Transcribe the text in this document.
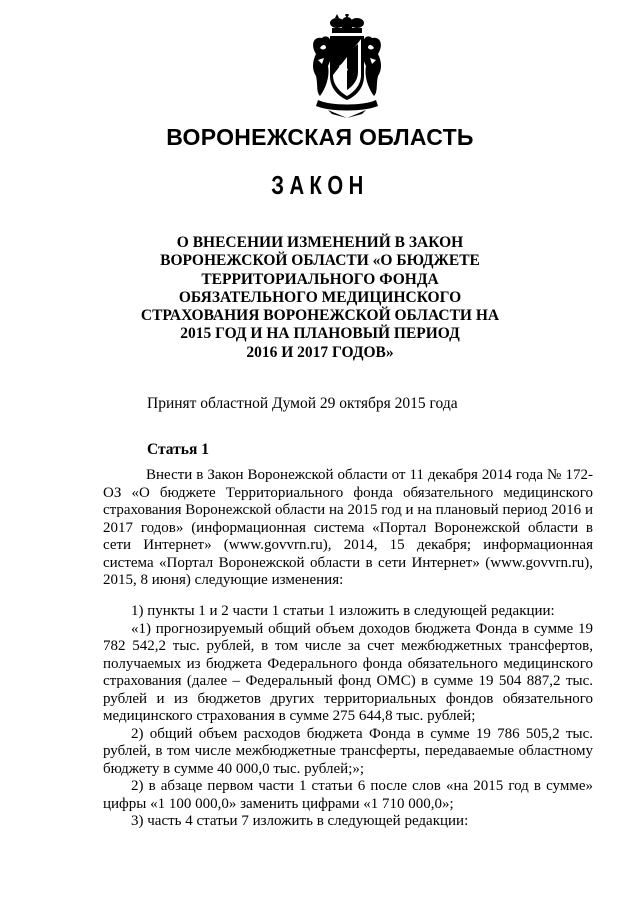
ВОРОНЕЖСКАЯ ОБЛАСТЬ
ЗАКОН
О ВНЕСЕНИИ ИЗМЕНЕНИЙ В ЗАКОН
ВОРОНЕЖСКОЙ ОБЛАСТИ «О БЮДЖЕТЕ
ТЕРРИТОРИАЛЬНОГО ФОНДА
ОБЯЗАТЕЛЬНОГО МЕДИЦИНСКОГО
СТРАХОВАНИЯ ВОРОНЕЖСКОЙ ОБЛАСТИ НА
2015 ГОД И НА ПЛАНОВЫЙ ПЕРИОД
2016 И 2017 ГОДОВ»
Принят областной Думой 29 октября 2015 года
Статья 1

Внести в Закон Воронежской области от 11 декабря 2014 года № 172-ОЗ «О бюджете Территориального фонда обязательного медицинского страхования Воронежской области на 2015 год и на плановый период 2016 и 2017 годов» (информационная система «Портал Воронежской области в сети Интернет» (www.govvrn.ru), 2014, 15 декабря; информационная система «Портал Воронежской области в сети Интернет» (www.govvrn.ru), 2015, 8 июня) следующие изменения:

1) пункты 1 и 2 части 1 статьи 1 изложить в следующей редакции:

«1) прогнозируемый общий объем доходов бюджета Фонда в сумме 19 782 542,2 тыс. рублей, в том числе за счет межбюджетных трансфертов, получаемых из бюджета Федерального фонда обязательного медицинского страхования (далее – Федеральный фонд ОМС) в сумме 19 504 887,2 тыс. рублей и из бюджетов других территориальных фондов обязательного медицинского страхования в сумме 275 644,8 тыс. рублей;

2) общий объем расходов бюджета Фонда в сумме 19 786 505,2 тыс. рублей, в том числе межбюджетные трансферты, передаваемые областному бюджету в сумме 40 000,0 тыс. рублей;»;

2) в абзаце первом части 1 статьи 6 после слов «на 2015 год в сумме» цифры «1 100 000,0» заменить цифрами «1 710 000,0»;

3) часть 4 статьи 7 изложить в следующей редакции:
